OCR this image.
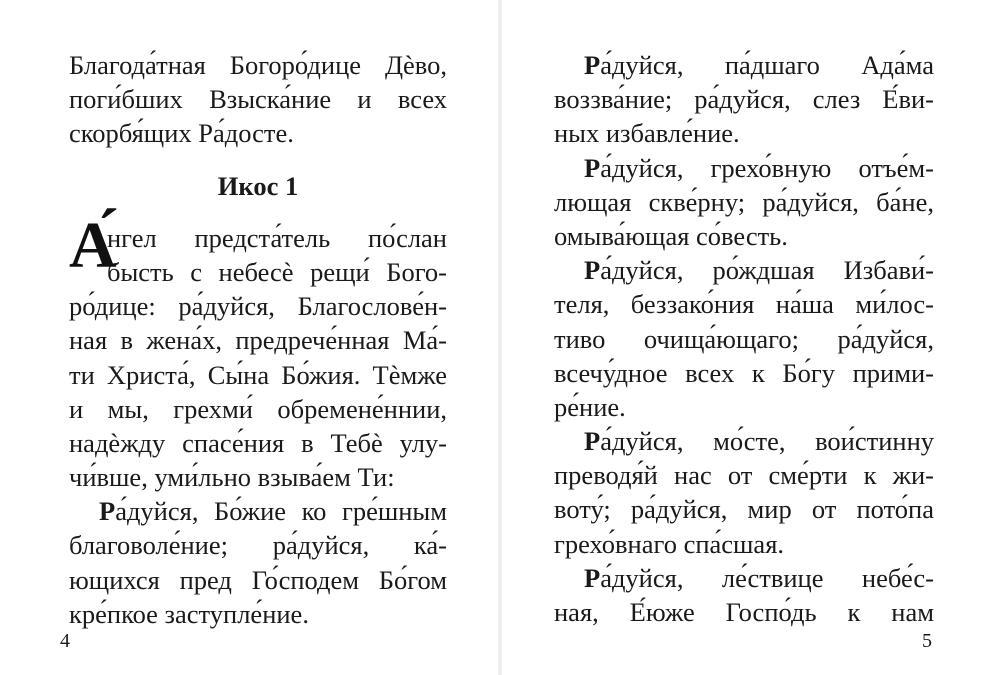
Благода́тная Богоро́дице Дѐво,
поги́бших Взыска́ние и всех
скорбя́щих Ра́досте.
Икос 1
А́
нгел предста́тель по́слан
бысть с небесѐ рещи́ Бого-
ро́дице: ра́дуйся, Благослове́н-
ная в жена́х, предрече́нная Ма́-
ти Христа́, Сы́на Бо́жия. Тѐмже
и мы, грехми́ обремене́ннии,
надѐжду спасе́ния в Тебѐ улу-
чи́вше, уми́льно взыва́ем Ти:
Ра́дуйся, Бо́жие ко гре́шным
благоволе́ние; ра́дуйся, ка́-
ющихся пред Го́сподем Бо́гом
кре́пкое заступле́ние.
4
Ра́дуйся, па́дшаго Ада́ма
воззва́ние; ра́дуйся, слез Е́ви-
ных избавле́ние.
Ра́дуйся, грехо́вную отъе́м-
лющая скве́рну; ра́дуйся, ба́не,
омыва́ющая со́весть.
Ра́дуйся, ро́ждшая Избави́-
теля, беззако́ния на́ша ми́лос-
тиво очища́ющаго; ра́дуйся,
всечу́дное всех к Бо́гу прими-
ре́ние.
Ра́дуйся, мо́сте, вои́стинну
преводя́й нас от сме́рти к жи-
воту́; ра́дуйся, мир от пото́па
грехо́внаго спа́сшая.
Ра́дуйся, ле́ствице небе́с-
ная, Е́юже Госпо́дь к нам
5
